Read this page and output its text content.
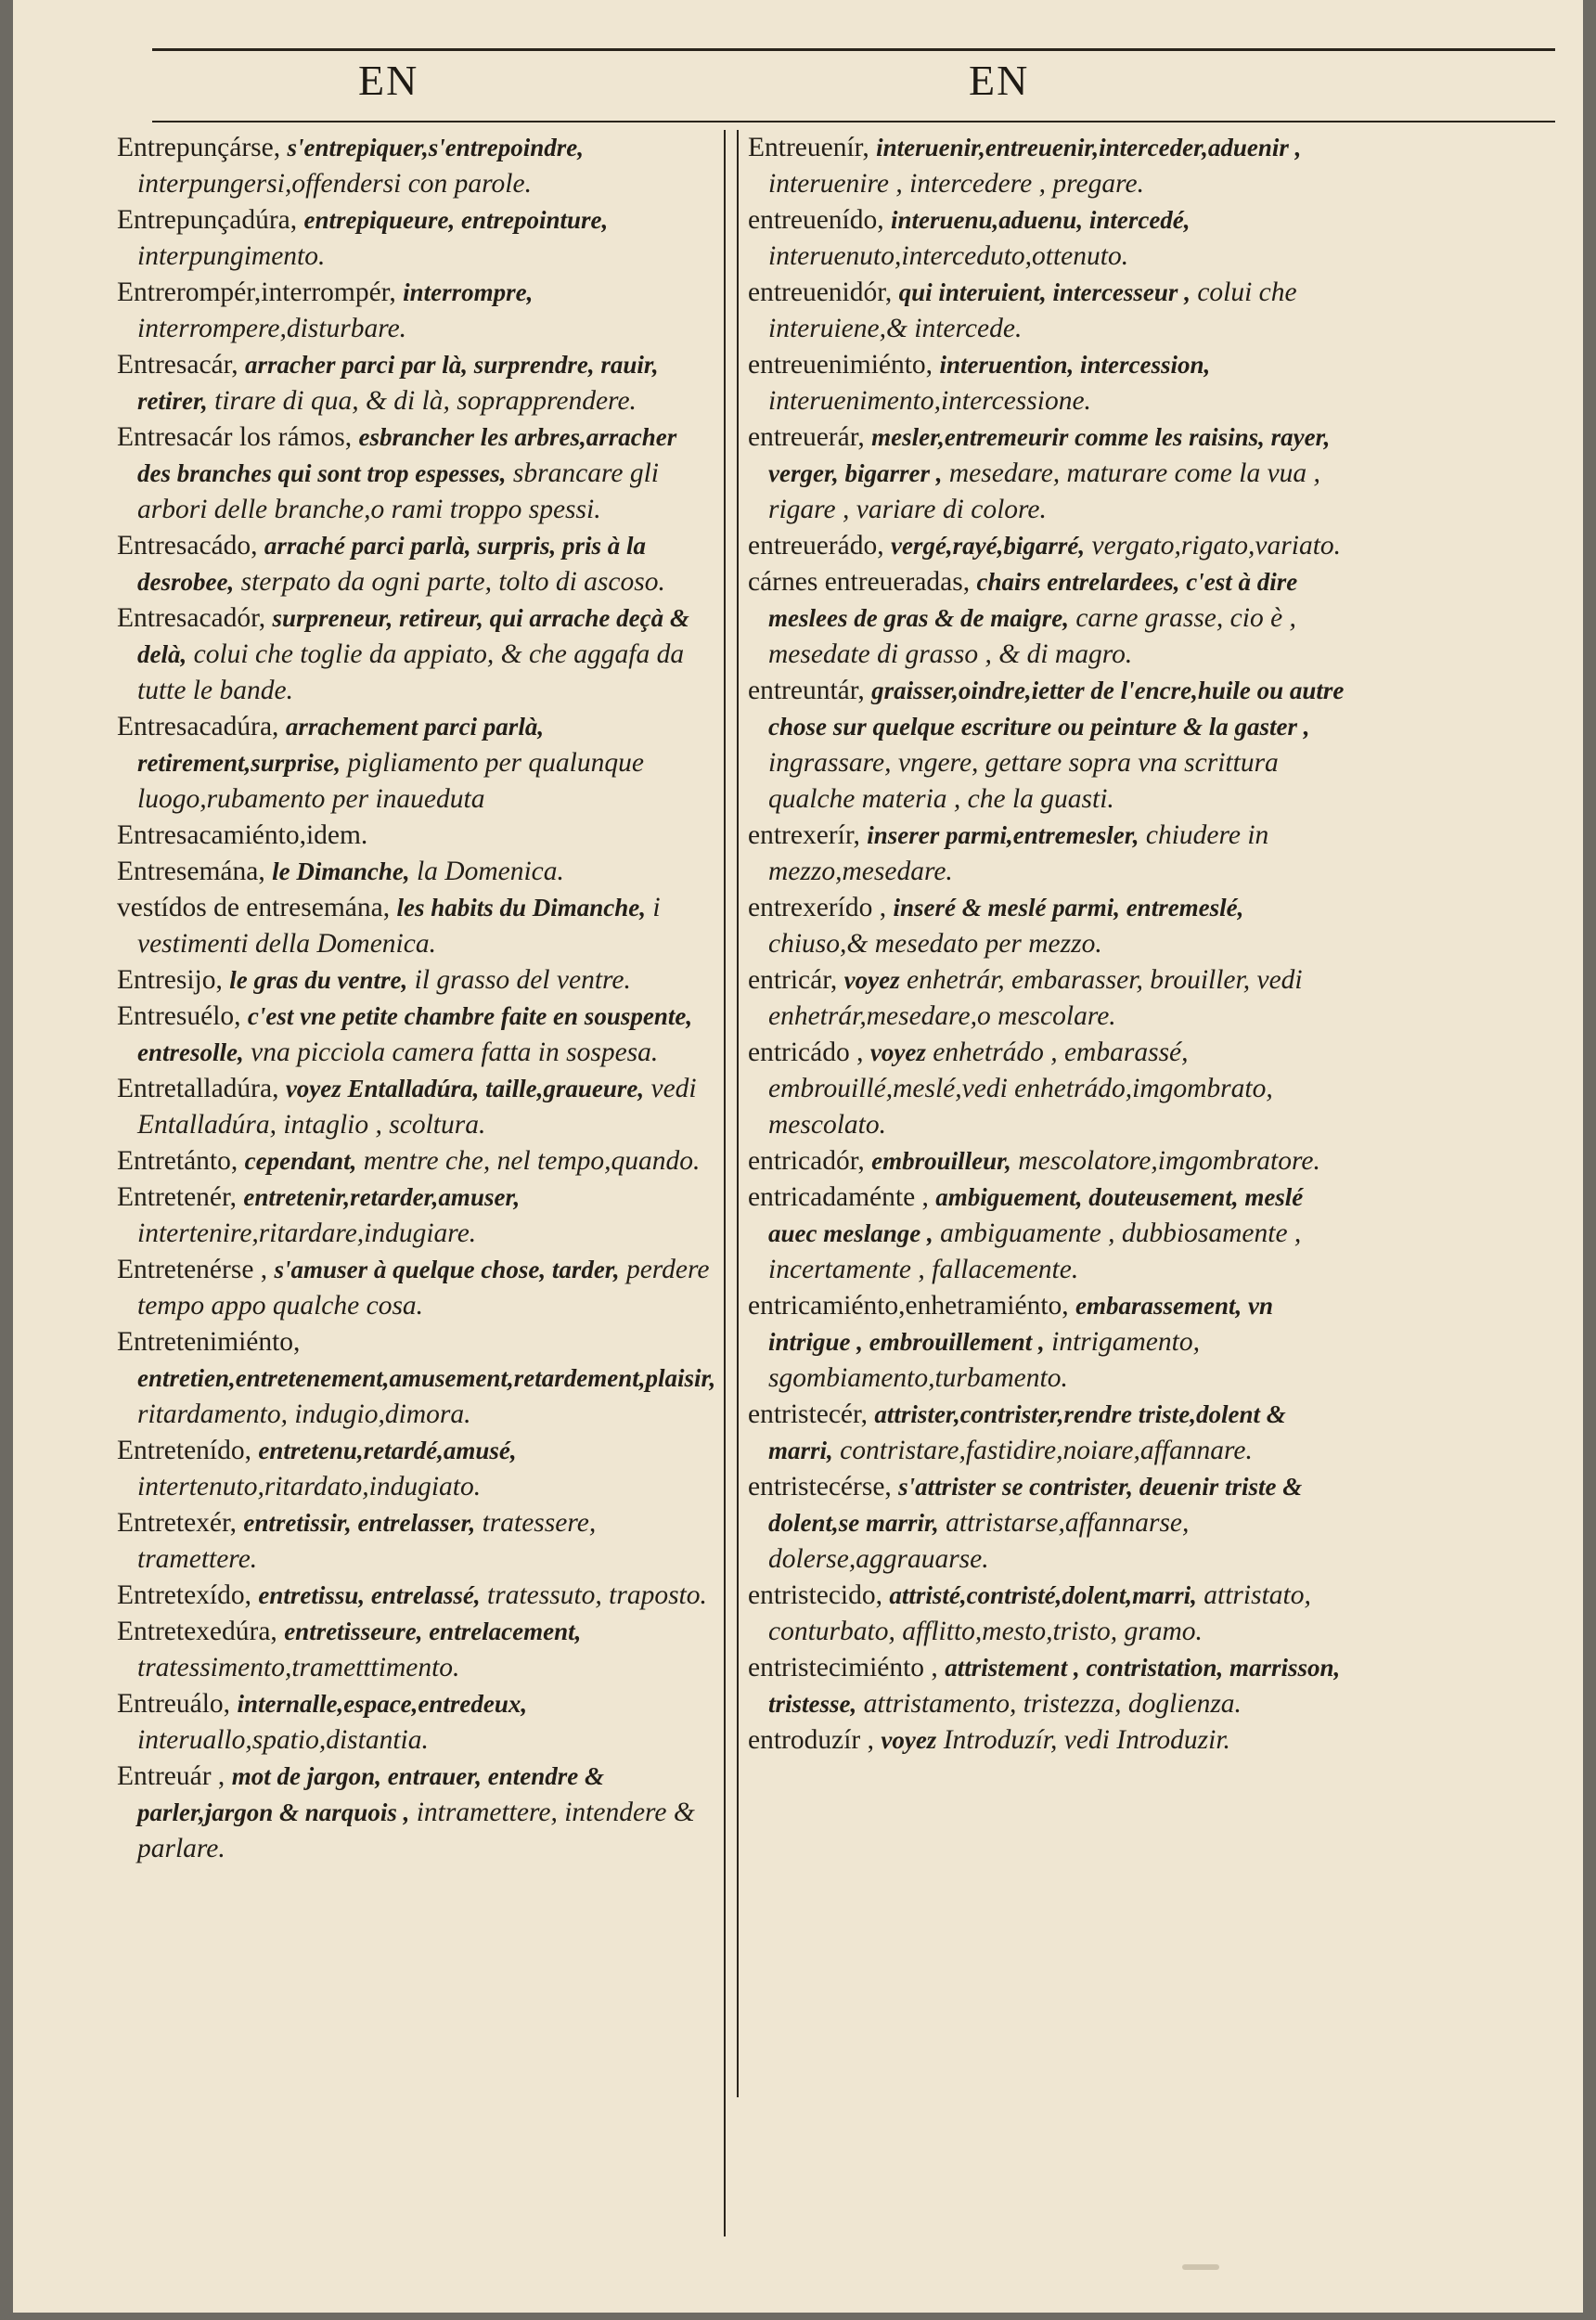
EN	EN
Entrepunçárse, s'entrepiquer,s'entrepoindre, interpungersi,offendersi con parole.
Entrepunçadúra, entrepiqueure, entrepointure, interpungimento.
Entrerompér,interrompér, interrompre, interrompere,disturbare.
Entresacár, arracher parci par là, surprendre, rauir, retirer, tirare di qua, & di là, soprapprendere.
Entresacár los rámos, esbrancher les arbres,arracher des branches qui sont trop espesses, sbrancare gli arbori delle branche,o rami troppo spessi.
Entresacádo, arraché parci parlà, surpris, pris à la desrobee, sterpato da ogni parte, tolto di ascoso.
Entresacadór, surpreneur, retireur, qui arrache deçà & delà, colui che toglie da appiato, & che aggafa da tutte le bande.
Entresacadúra, arrachement parci parlà, retirement,surprise, pigliamento per qualunque luogo,rubamento per inaueduta
Entresacamiénto,idem.
Entresemána, le Dimanche, la Domenica.
vestídos de entresemána, les habits du Dimanche, i vestimenti della Domenica.
Entresijo, le gras du ventre, il grasso del ventre.
Entresuélo, c'est vne petite chambre faite en souspente, entresolle, vna picciola camera fatta in sospesa.
Entretalladúra, voyez Entalladúra, taille,graueure, vedi Entalladúra, intaglio , scoltura.
Entretánto, cependant, mentre che, nel tempo,quando.
Entretenér, entretenir,retarder,amuser, intertenire,ritardare,indugiare.
Entretenérse , s'amuser à quelque chose, tarder, perdere tempo appo qualche cosa.
Entretenimiénto, entretien,entretenement,amusement,retardement,plaisir, ritardamento, indugio,dimora.
Entretenído, entretenu,retardé,amusé, intertenuto,ritardato,indugiato.
Entretexér, entretissir, entrelasser, tratessere, tramettere.
Entretexído, entretissu, entrelassé, tratessuto, traposto.
Entretexedúra, entretisseure, entrelacement, tratessimento,trametttimento.
Entreuálo, internalle,espace,entredeux, interuallo,spatio,distantia.
Entreuár , mot de jargon, entrauer, entendre & parler,jargon & narquois , intramettere, intendere & parlare.
Entreuenír, interuenir,entreuenir,interceder,aduenir , interuenire , intercedere , pregare.
entreuenído, interuenu,aduenu, intercedé, interuenuto,interceduto,ottenuto.
entreuenidór, qui interuient, intercesseur , colui che interuiene,& intercede.
entreuenimiénto, interuention, intercession, interuenimento,intercessione.
entreuerár, mesler,entremeurir comme les raisins, rayer, verger, bigarrer , mesedare, maturare come la vua , rigare , variare di colore.
entreuerádo, vergé,rayé,bigarré, vergato,rigato,variato.
cárnes entreueradas, chairs entrelardees, c'est à dire meslees de gras & de maigre, carne grasse, cio è , mesedate di grasso , & di magro.
entreuntár, graisser,oindre,ietter de l'encre,huile ou autre chose sur quelque escriture ou peinture & la gaster , ingrassare, vngere, gettare sopra vna scrittura qualche materia , che la guasti.
entrexerír, inserer parmi,entremesler, chiudere in mezzo,mesedare.
entrexerído , inseré & meslé parmi, entremeslé, chiuso,& mesedato per mezzo.
entricár, voyez enhetrár, embarasser, brouiller, vedi enhetrár,mesedare,o mescolare.
entricádo , voyez enhetrádo , embarassé, embrouillé,meslé,vedi enhetrádo,imgombrato, mescolato.
entricadór, embrouilleur, mescolatore,imgombratore.
entricadaménte , ambiguement, douteusement, meslé auec meslange , ambiguamente , dubbiosamente , incertamente , fallacemente.
entricamiénto,enhetramiénto, embarassement, vn intrigue , embrouillement , intrigamento, sgombiamento,turbamento.
entristecér, attrister,contrister,rendre triste,dolent & marri, contristare,fastidire,noiare,affannare.
entristecérse, s'attrister se contrister, deuenir triste & dolent,se marrir, attristarse,affannarse, dolerse,aggrauarse.
entristecido, attristé,contristé,dolent,marri, attristato, conturbato, afflitto,mesto,tristo, gramo.
entristecimiénto , attristement , contristation, marrisson, tristesse, attristamento, tristezza, doglienza.
entroduzír , voyez Introduzír, vedi Introduzir.
